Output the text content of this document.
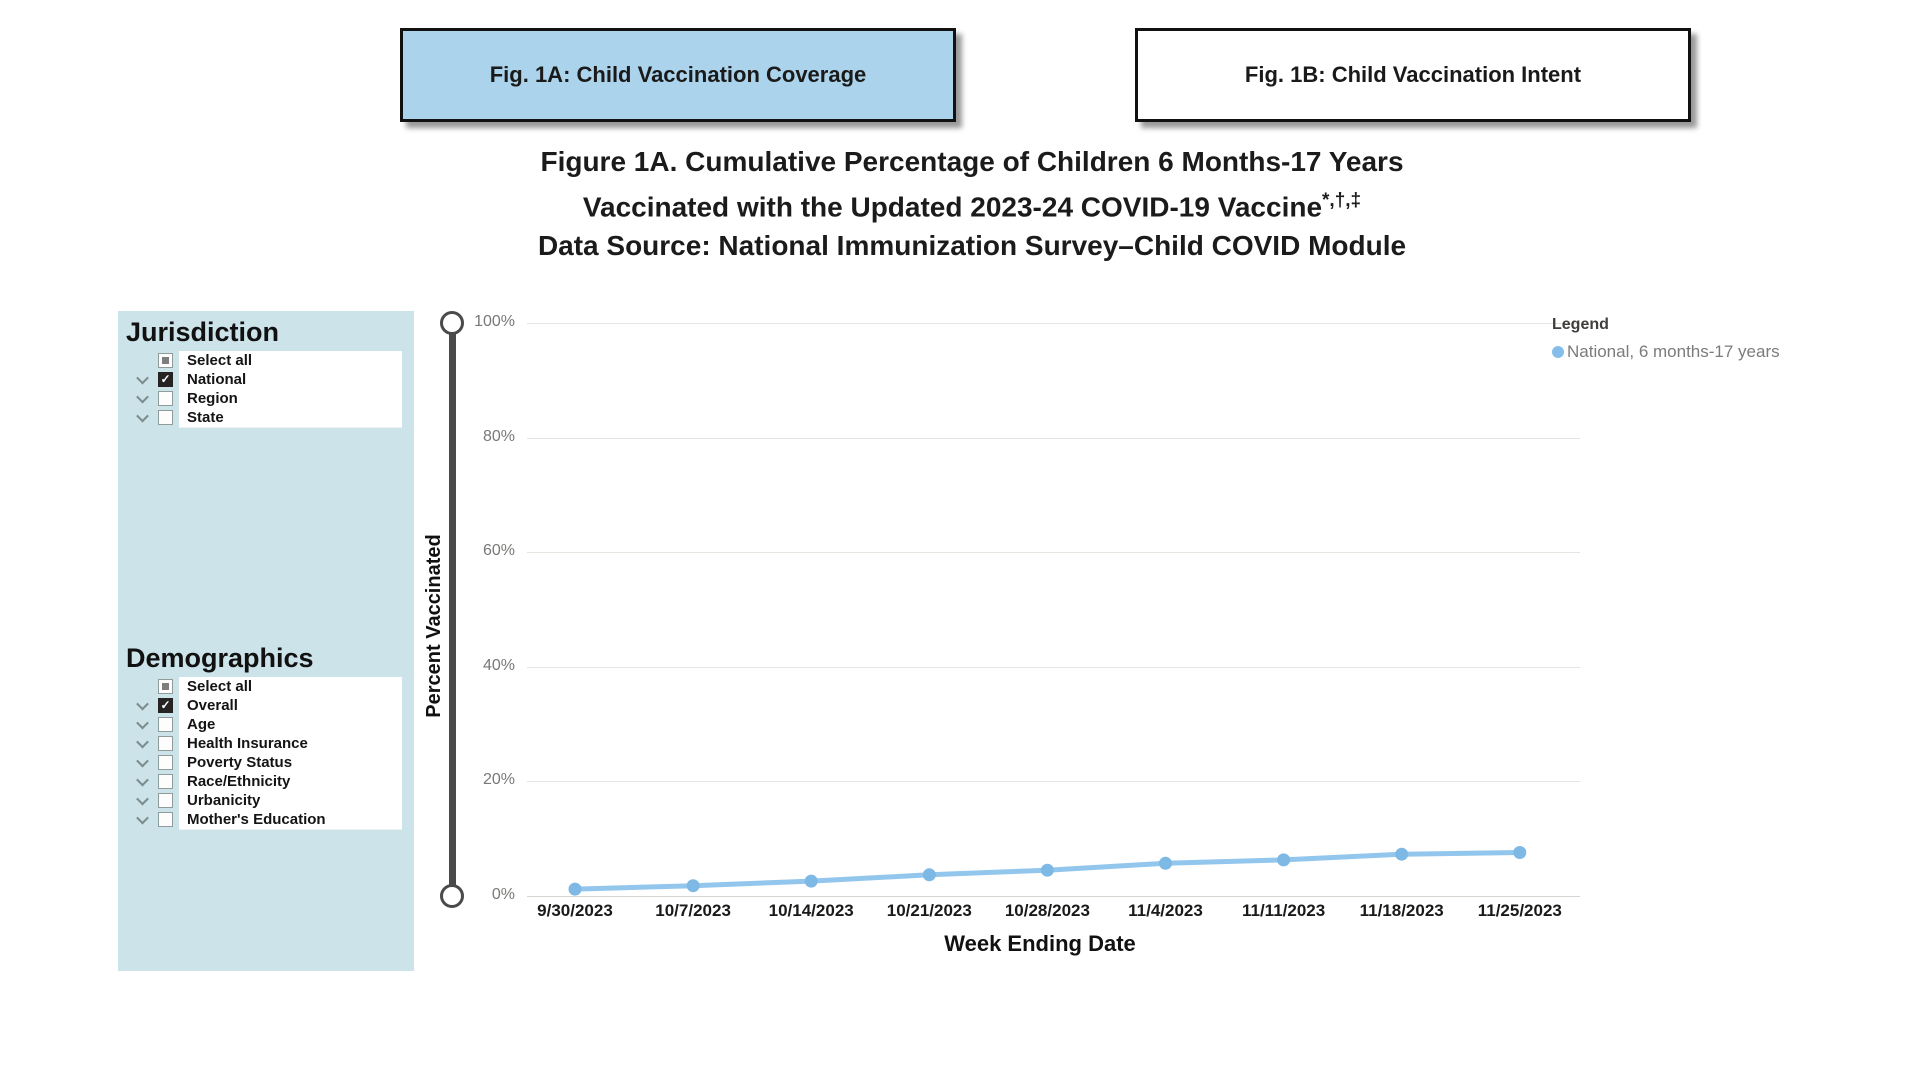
Fig. 1A: Child Vaccination Coverage	Fig. 1B: Child Vaccination Intent
Figure 1A. Cumulative Percentage of Children 6 Months-17 Years
Vaccinated with the Updated 2023-24 COVID-19 Vaccine*,†,‡
Data Source: National Immunization Survey–Child COVID Module
Jurisdiction
Select all
✓	National
Region
State
Demographics
Select all
✓	Overall
Age
Health Insurance
Poverty Status
Race/Ethnicity
Urbanicity
Mother's Education
Percent Vaccinated
0%
20%
40%
60%
80%
100%
9/30/2023	10/7/2023	10/14/2023	10/21/2023	10/28/2023	11/4/2023	11/11/2023	11/18/2023	11/25/2023
Week Ending Date
Legend
National, 6 months-17 years
